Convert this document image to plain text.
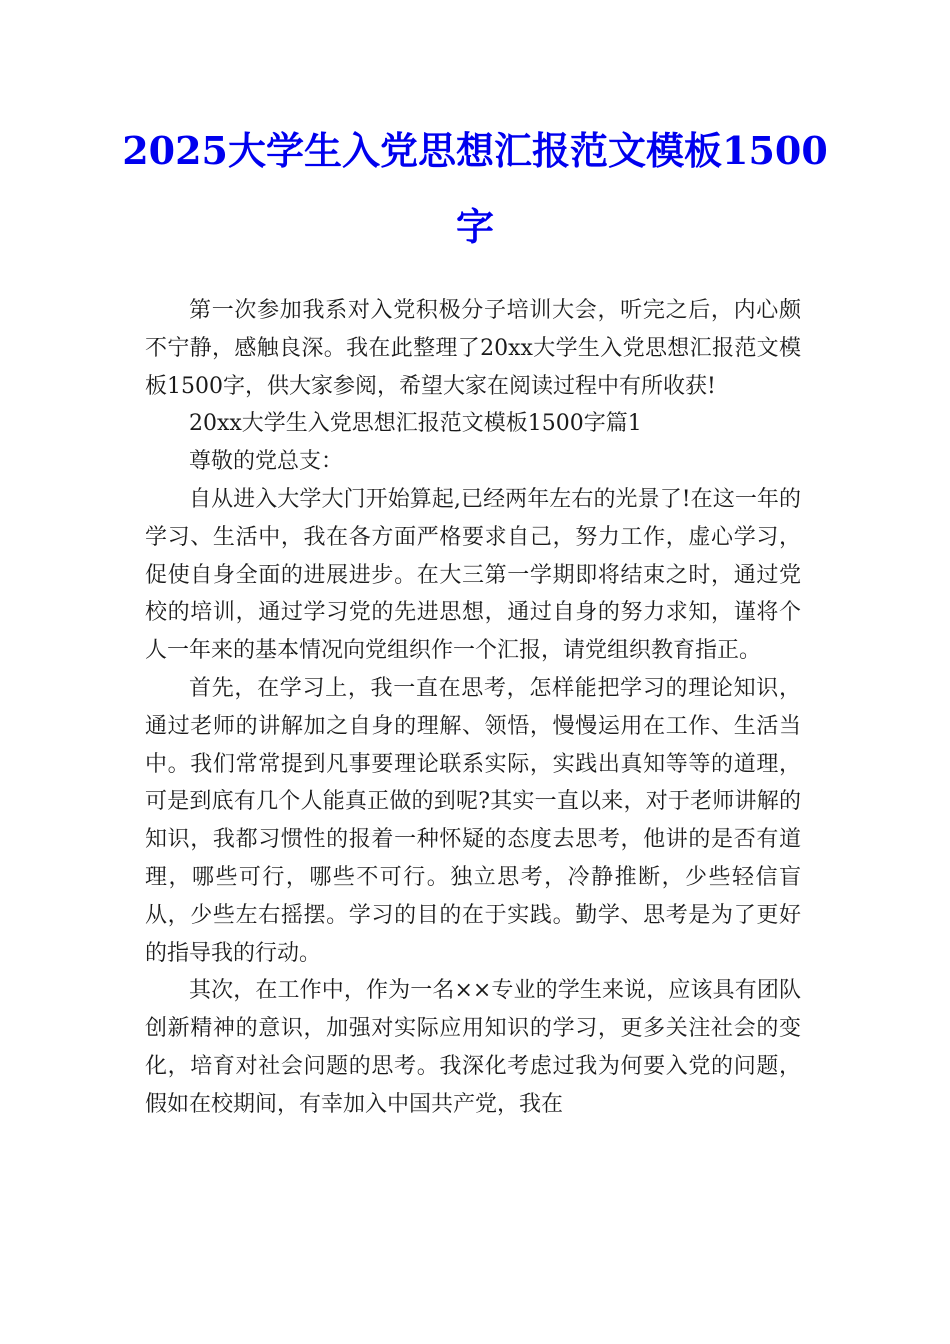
2025大学生入党思想汇报范文模板1500
字

第一次参加我系对入党积极分子培训大会，听完之后，内心颇不宁静，感触良深。我在此整理了20xx大学生入党思想汇报范文模板1500字，供大家参阅，希望大家在阅读过程中有所收获!

20xx大学生入党思想汇报范文模板1500字篇1

尊敬的党总支：

自从进入大学大门开始算起,已经两年左右的光景了!在这一年的学习、生活中，我在各方面严格要求自己，努力工作，虚心学习，促使自身全面的进展进步。在大三第一学期即将结束之时，通过党校的培训，通过学习党的先进思想，通过自身的努力求知，谨将个人一年来的基本情况向党组织作一个汇报，请党组织教育指正。

首先，在学习上，我一直在思考，怎样能把学习的理论知识，通过老师的讲解加之自身的理解、领悟，慢慢运用在工作、生活当中。我们常常提到凡事要理论联系实际，实践出真知等等的道理，可是到底有几个人能真正做的到呢?其实一直以来，对于老师讲解的知识，我都习惯性的报着一种怀疑的态度去思考，他讲的是否有道理，哪些可行，哪些不可行。独立思考，冷静推断，少些轻信盲从，少些左右摇摆。学习的目的在于实践。勤学、思考是为了更好的指导我的行动。

其次，在工作中，作为一名××专业的学生来说，应该具有团队创新精神的意识，加强对实际应用知识的学习，更多关注社会的变化，培育对社会问题的思考。我深化考虑过我为何要入党的问题，假如在校期间，有幸加入中国共产党，我在
